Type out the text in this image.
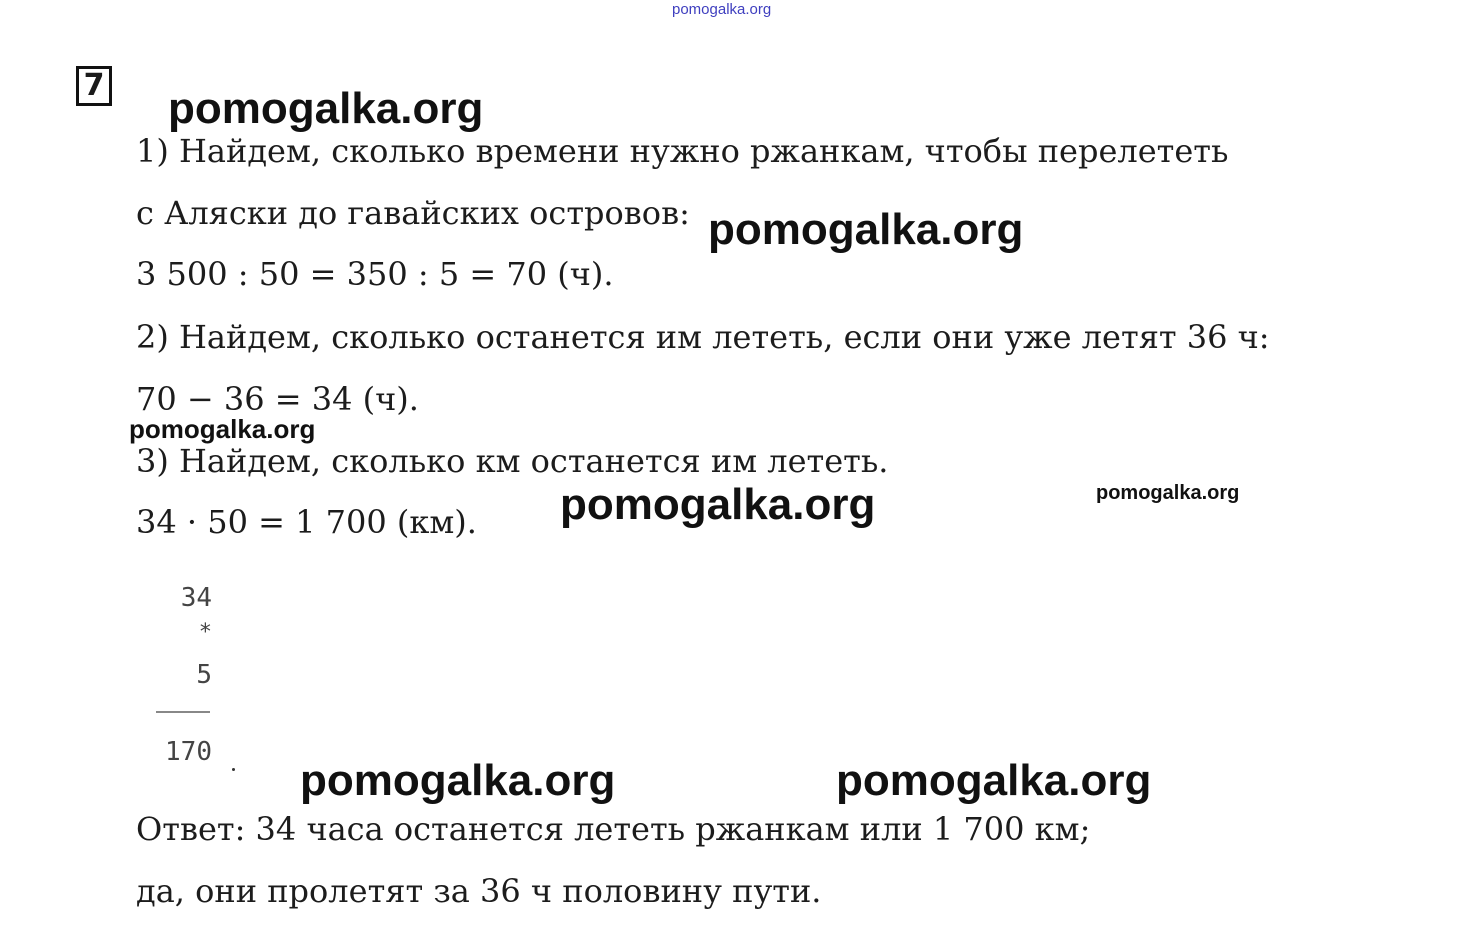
pomogalka.org
7
1) Найдем, сколько времени нужно ржанкам, чтобы перелететь
с Аляски до гавайских островов:
3 500 : 50 = 350 : 5 = 70 (ч).
2) Найдем, сколько останется им лететь, если они уже летят 36 ч:
70 − 36 = 34 (ч).
3) Найдем, сколько км останется им лететь.
34 · 50 = 1 700 (км).
34
*
5
170
Ответ: 34 часа останется лететь ржанкам или 1 700 км;
да, они пролетят за 36 ч половину пути.
pomogalka.org
pomogalka.org
pomogalka.org
pomogalka.org	pomogalka.org
pomogalka.org	pomogalka.org
